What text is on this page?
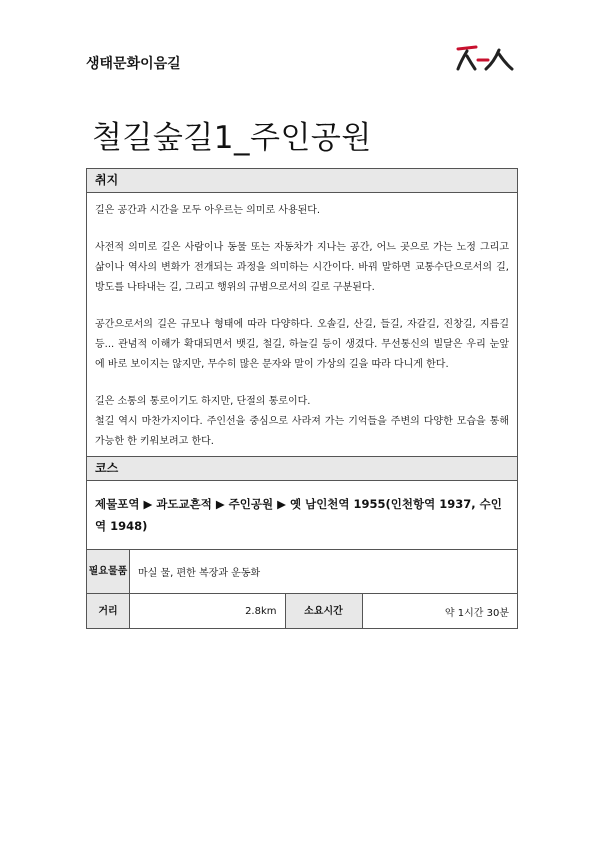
생태문화이음길
철길숲길1_주인공원
취지

길은 공간과 시간을 모두 아우르는 의미로 사용된다.

사전적 의미로 길은 사람이나 동물 또는 자동차가 지나는 공간, 어느 곳으로 가는 노정 그리고 삶이나 역사의 변화가 전개되는 과정을 의미하는 시간이다. 바꿔 말하면 교통수단으로서의 길, 방도를 나타내는 길, 그리고 행위의 규범으로서의 길로 구분된다.

공간으로서의 길은 규모나 형태에 따라 다양하다. 오솔길, 산길, 들길, 자갈길, 진창길, 지름길 등... 관념적 이해가 확대되면서 뱃길, 철길, 하늘길 등이 생겼다. 무선통신의 빌달은 우리 눈앞에 바로 보이지는 않지만, 무수히 많은 문자와 말이 가상의 길을 따라 다니게 한다.

길은 소통의 통로이기도 하지만, 단절의 통로이다.

철길 역시 마찬가지이다. 주인선을 중심으로 사라져 가는 기억들을 주변의 다양한 모습을 통해 가능한 한 키워보려고 한다.

코스
제물포역 ▶ 과도교흔적 ▶ 주인공원 ▶ 옛 남인천역 1955(인천항역 1937, 수인역 1948)
필요물품	마실 물, 편한 복장과 운동화
거리	2.8km	소요시간	약 1시간 30분
